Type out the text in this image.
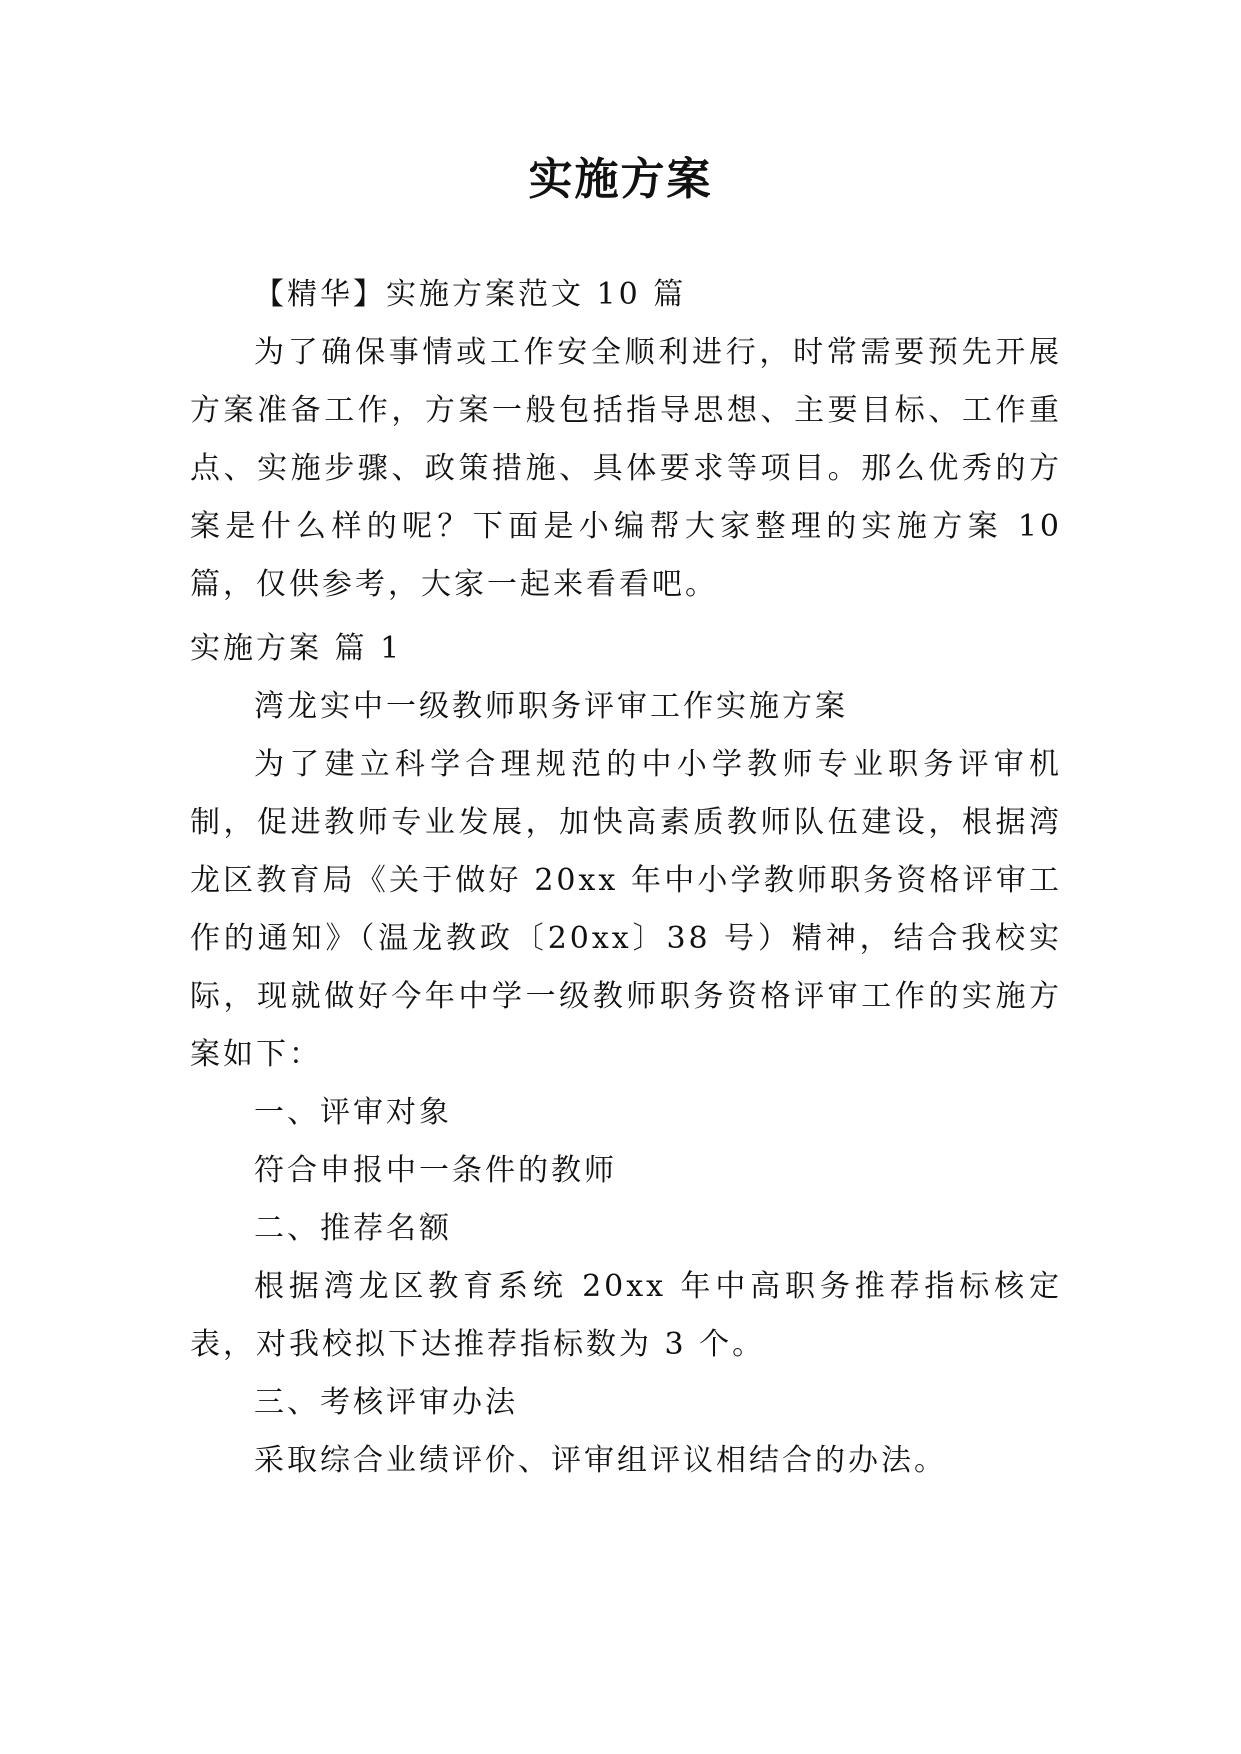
实施方案

【精华】实施方案范文 10 篇

为了确保事情或工作安全顺利进行，时常需要预先开展方案准备工作，方案一般包括指导思想、主要目标、工作重点、实施步骤、政策措施、具体要求等项目。那么优秀的方案是什么样的呢？下面是小编帮大家整理的实施方案 10 篇，仅供参考，大家一起来看看吧。

实施方案 篇 1

湾龙实中一级教师职务评审工作实施方案

为了建立科学合理规范的中小学教师专业职务评审机制，促进教师专业发展，加快高素质教师队伍建设，根据湾龙区教育局《关于做好 20xx 年中小学教师职务资格评审工作的通知》（温龙教政〔20xx〕38 号）精神，结合我校实际，现就做好今年中学一级教师职务资格评审工作的实施方案如下：

一、评审对象

符合申报中一条件的教师

二、推荐名额

根据湾龙区教育系统 20xx 年中高职务推荐指标核定表，对我校拟下达推荐指标数为 3 个。

三、考核评审办法

采取综合业绩评价、评审组评议相结合的办法。
